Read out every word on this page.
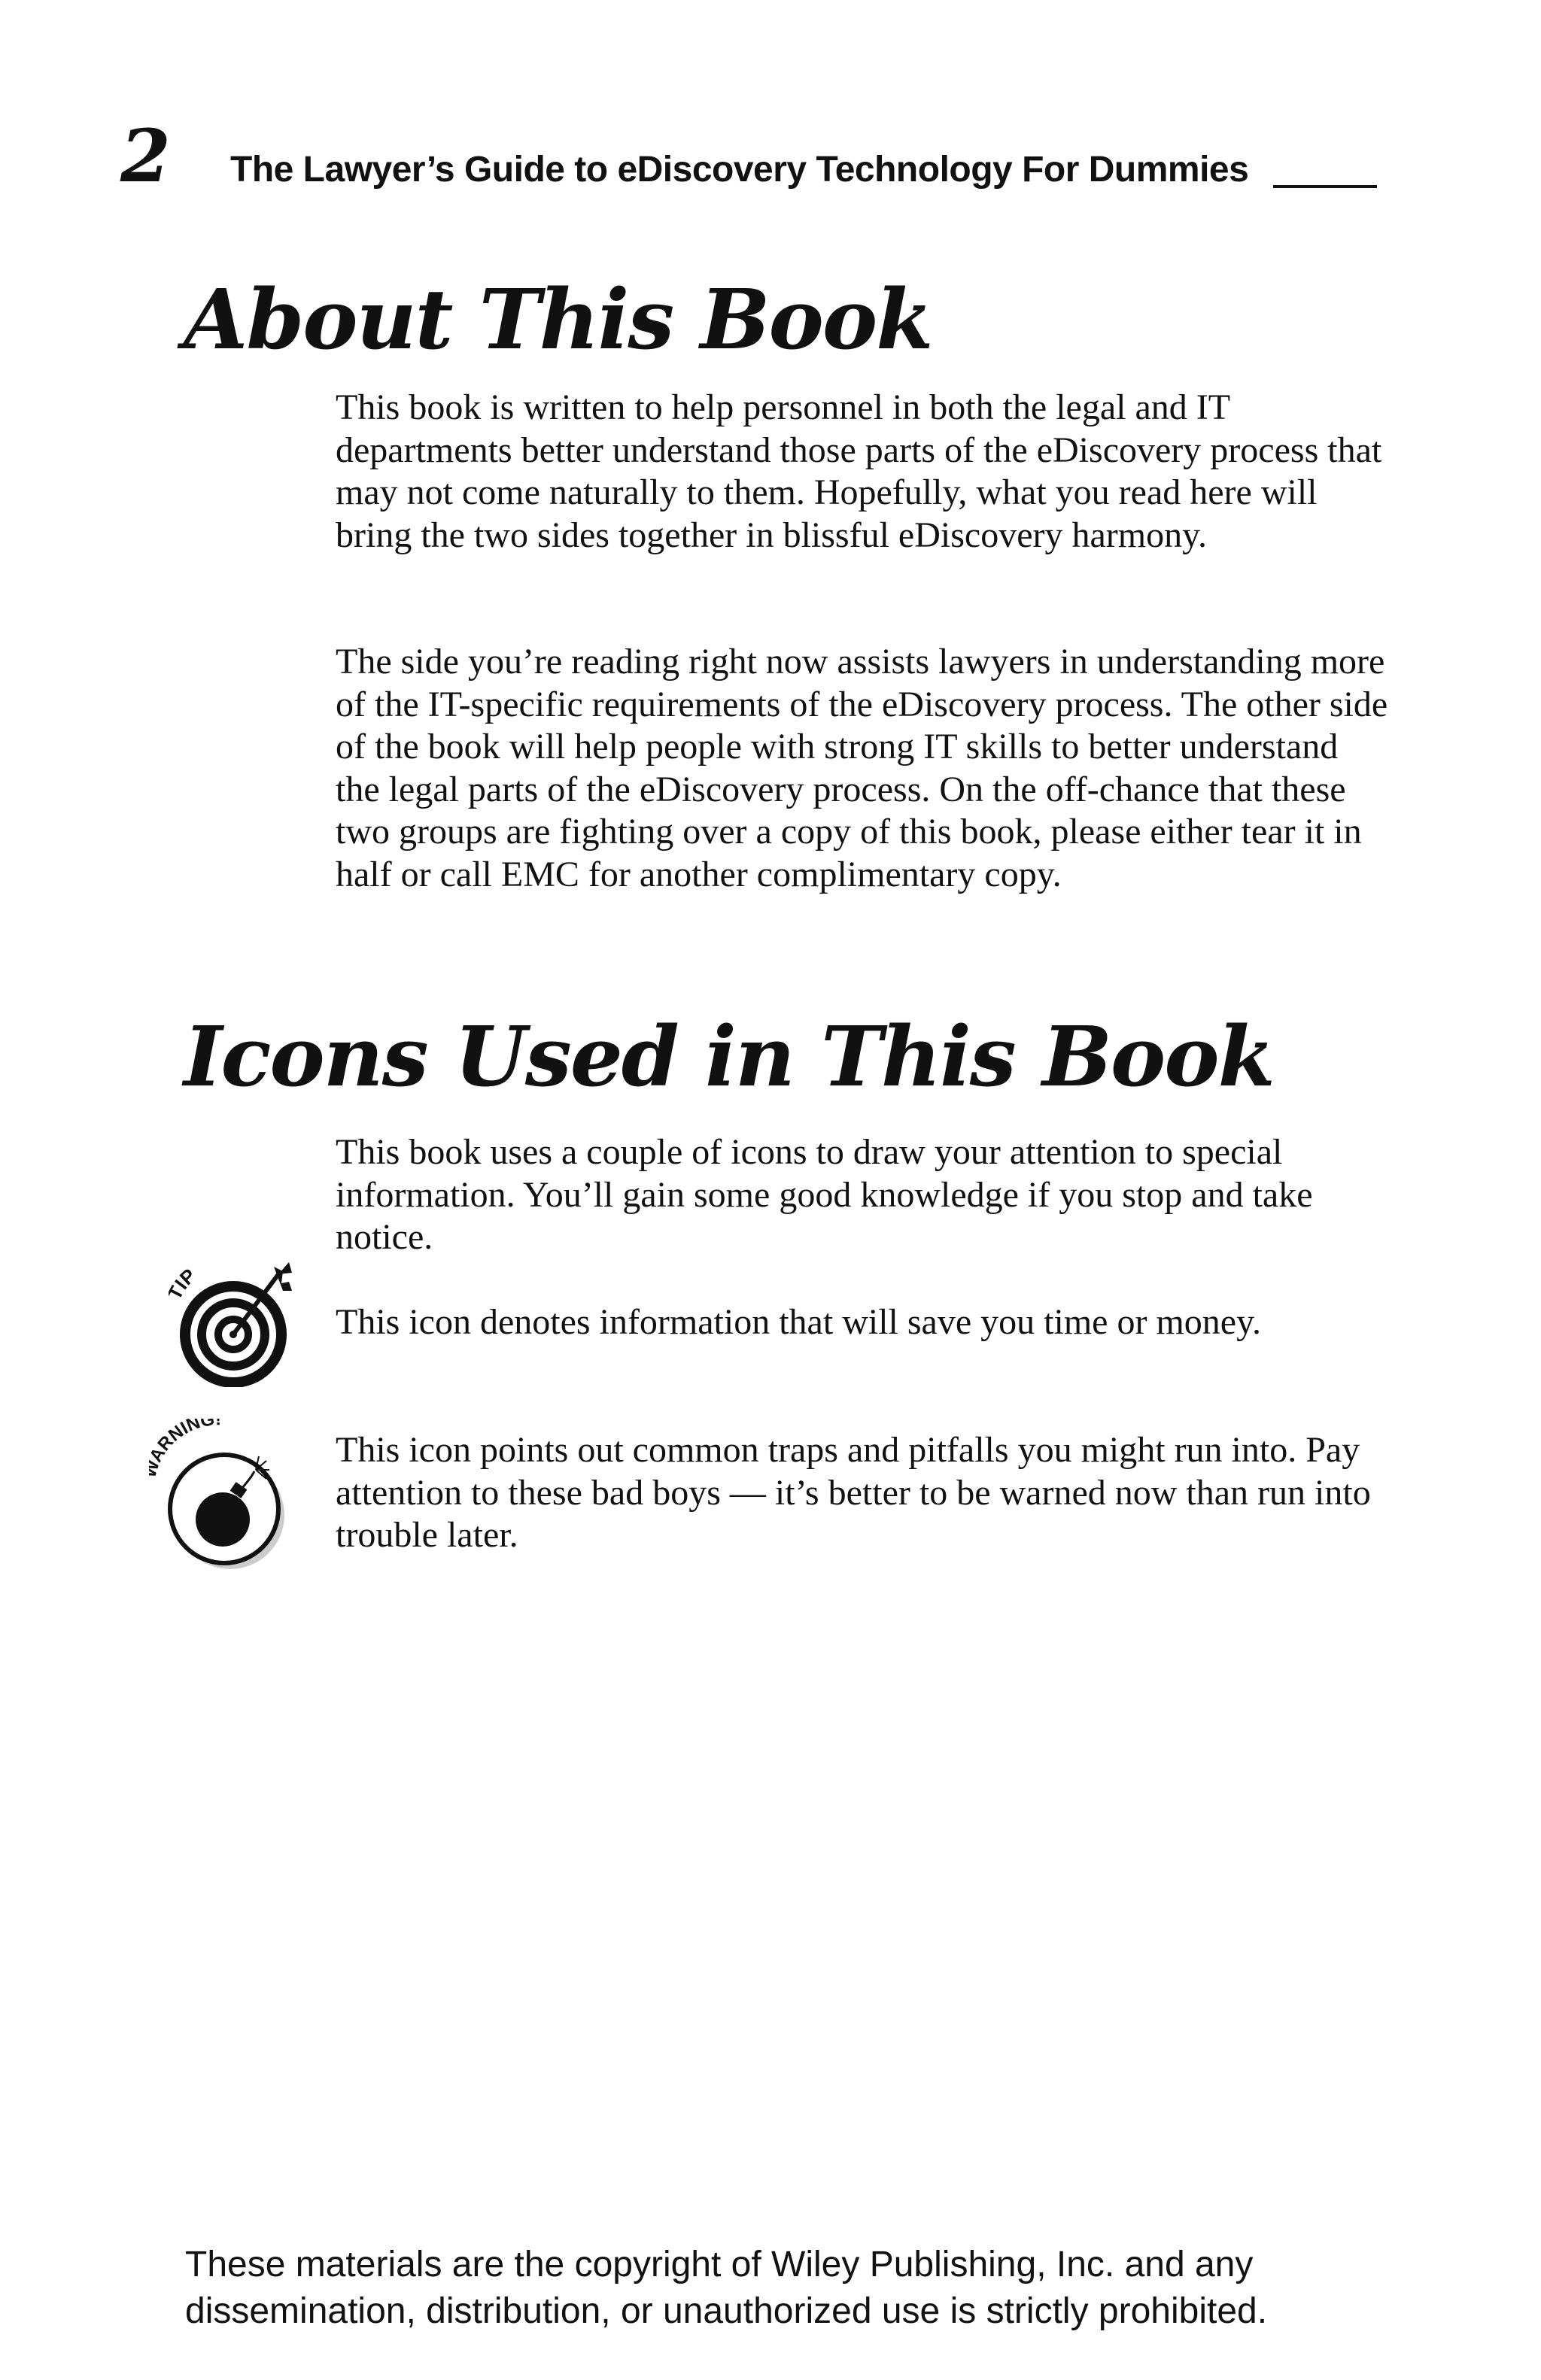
2 The Lawyer’s Guide to eDiscovery Technology For Dummies
About This Book

This book is written to help personnel in both the legal and IT departments better understand those parts of the eDiscovery process that may not come naturally to them. Hopefully, what you read here will bring the two sides together in blissful eDiscovery harmony.

The side you’re reading right now assists lawyers in understanding more of the IT-specific requirements of the eDiscovery process. The other side of the book will help people with strong IT skills to better understand the legal parts of the eDiscovery process. On the off-chance that these two groups are fighting over a copy of this book, please either tear it in half or call EMC for another complimentary copy.

Icons Used in This Book

This book uses a couple of icons to draw your attention to special information. You’ll gain some good knowledge if you stop and take notice.

IP

This icon denotes information that will save you time or money.

RNING!

This icon points out common traps and pitfalls you might run into. Pay attention to these bad boys — it’s better to be warned now than run into trouble later.

These materials are the copyright of Wiley Publishing, Inc. and any
dissemination, distribution, or unauthorized use is strictly prohibited.
